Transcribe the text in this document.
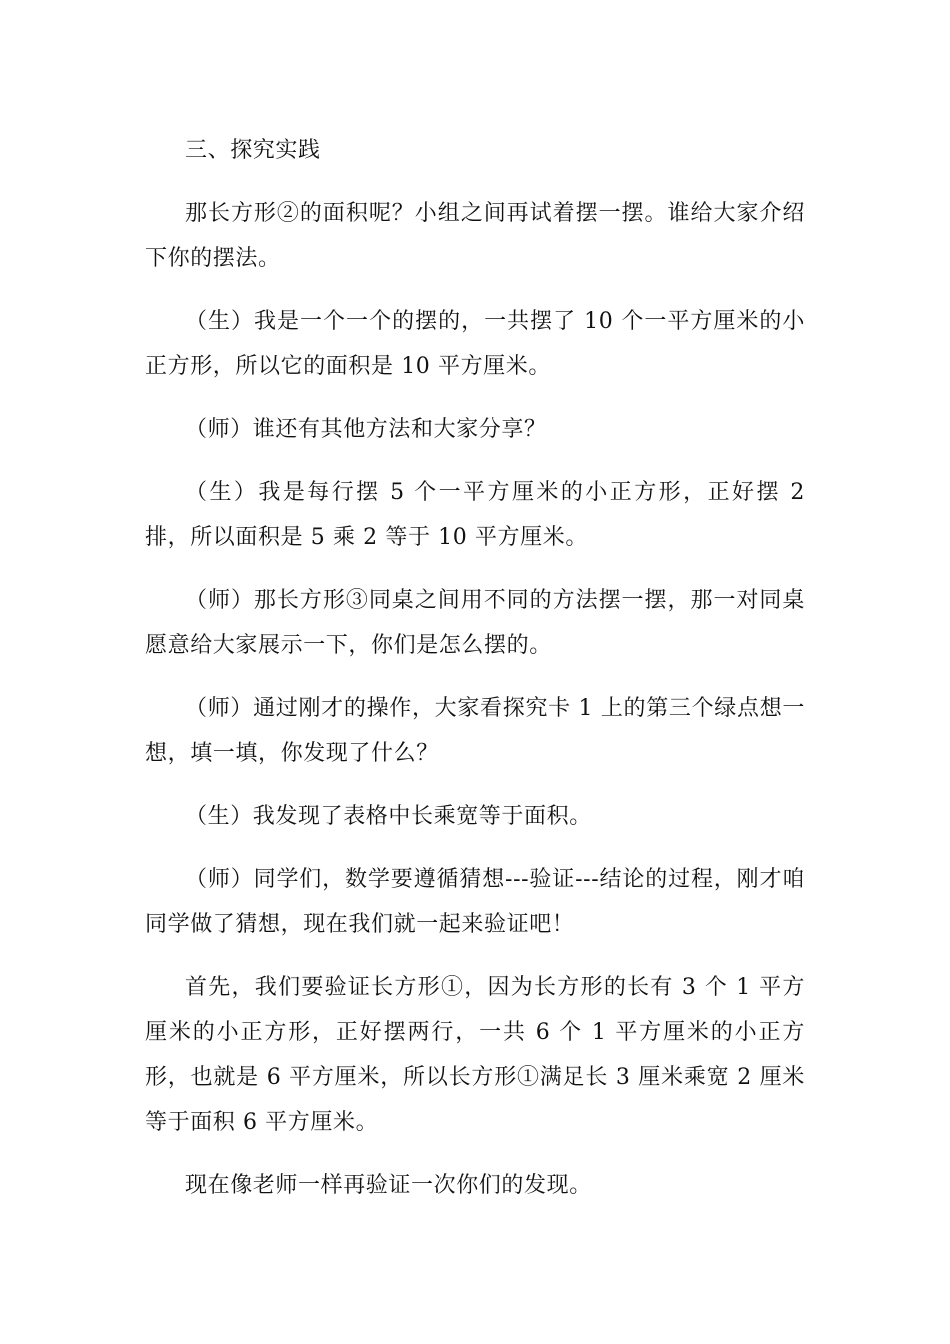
三、探究实践

那长方形②的面积呢？小组之间再试着摆一摆。谁给大家介绍下你的摆法。

（生）我是一个一个的摆的，一共摆了 10 个一平方厘米的小正方形，所以它的面积是 10 平方厘米。

（师）谁还有其他方法和大家分享？

（生）我是每行摆 5 个一平方厘米的小正方形，正好摆 2 排，所以面积是 5 乘 2 等于 10 平方厘米。

（师）那长方形③同桌之间用不同的方法摆一摆，那一对同桌愿意给大家展示一下，你们是怎么摆的。

（师）通过刚才的操作，大家看探究卡 1 上的第三个绿点想一想，填一填，你发现了什么？

（生）我发现了表格中长乘宽等于面积。

（师）同学们，数学要遵循猜想---验证---结论的过程，刚才咱同学做了猜想，现在我们就一起来验证吧！

首先，我们要验证长方形①，因为长方形的长有 3 个 1 平方厘米的小正方形，正好摆两行，一共 6 个 1 平方厘米的小正方形，也就是 6 平方厘米，所以长方形①满足长 3 厘米乘宽 2 厘米等于面积 6 平方厘米。

现在像老师一样再验证一次你们的发现。
